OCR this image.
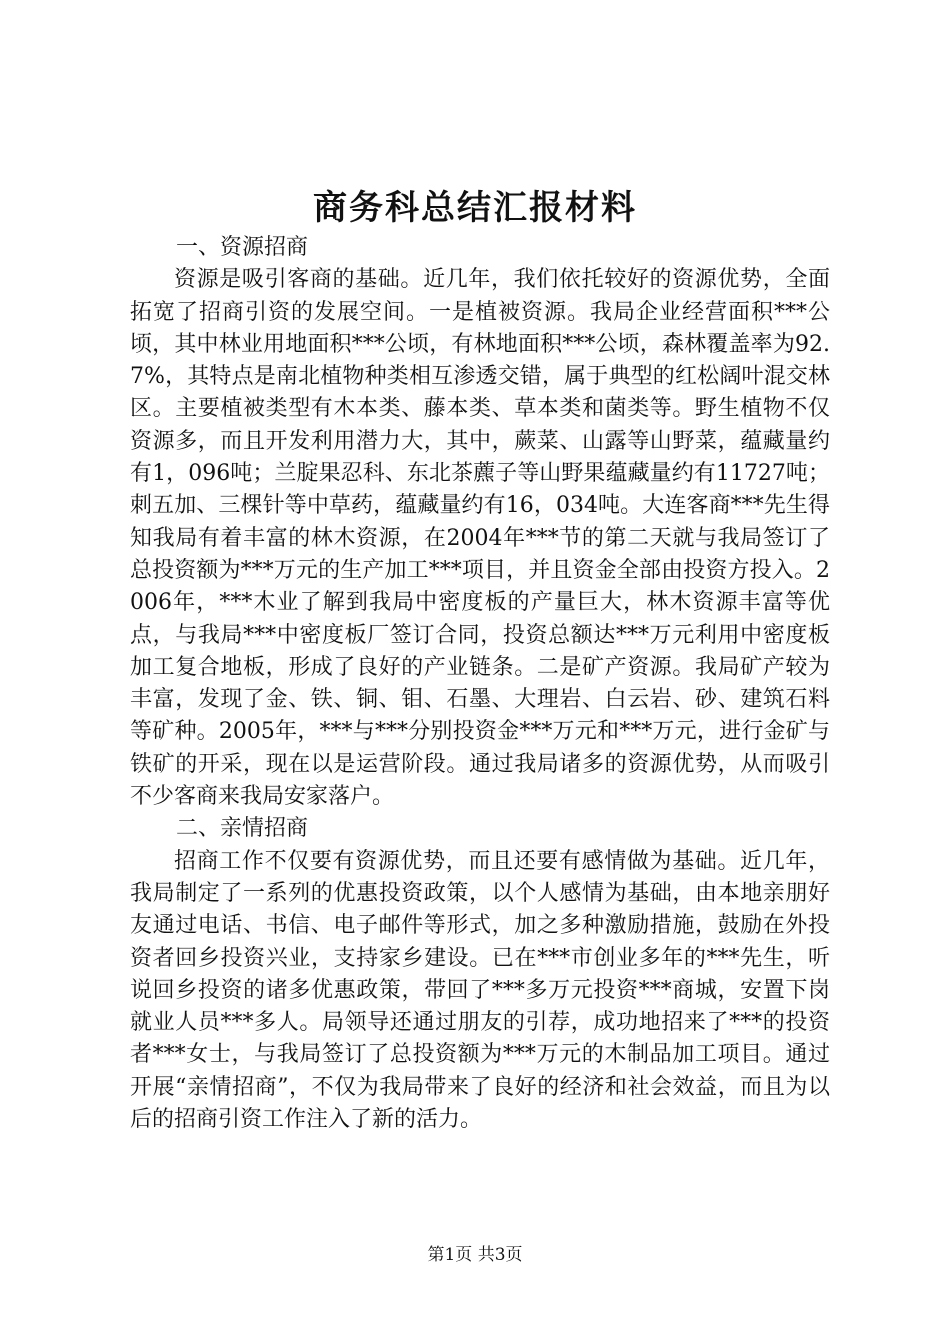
商务科总结汇报材料

一、资源招商

资源是吸引客商的基础。近几年，我们依托较好的资源优势，全面拓宽了招商引资的发展空间。一是植被资源。我局企业经营面积***公顷，其中林业用地面积***公顷，有林地面积***公顷，森林覆盖率为92.7%，其特点是南北植物种类相互渗透交错，属于典型的红松阔叶混交林区。主要植被类型有木本类、藤本类、草本类和菌类等。野生植物不仅资源多，而且开发利用潜力大，其中，蕨菜、山露等山野菜，蕴藏量约有1，096吨；兰腚果忍科、东北茶藨子等山野果蕴藏量约有11727吨；刺五加、三棵针等中草药，蕴藏量约有16，034吨。大连客商***先生得知我局有着丰富的林木资源，在2004年***节的第二天就与我局签订了总投资额为***万元的生产加工***项目，并且资金全部由投资方投入。2006年，***木业了解到我局中密度板的产量巨大，林木资源丰富等优点，与我局***中密度板厂签订合同，投资总额达***万元利用中密度板加工复合地板，形成了良好的产业链条。二是矿产资源。我局矿产较为丰富，发现了金、铁、铜、钼、石墨、大理岩、白云岩、砂、建筑石料等矿种。2005年，***与***分别投资金***万元和***万元，进行金矿与铁矿的开采，现在以是运营阶段。通过我局诸多的资源优势，从而吸引不少客商来我局安家落户。

二、亲情招商

招商工作不仅要有资源优势，而且还要有感情做为基础。近几年，我局制定了一系列的优惠投资政策，以个人感情为基础，由本地亲朋好友通过电话、书信、电子邮件等形式，加之多种激励措施，鼓励在外投资者回乡投资兴业，支持家乡建设。已在***市创业多年的***先生，听说回乡投资的诸多优惠政策，带回了***多万元投资***商城，安置下岗就业人员***多人。局领导还通过朋友的引荐，成功地招来了***的投资者***女士，与我局签订了总投资额为***万元的木制品加工项目。通过开展“亲情招商”，不仅为我局带来了良好的经济和社会效益，而且为以后的招商引资工作注入了新的活力。

第1页 共3页
